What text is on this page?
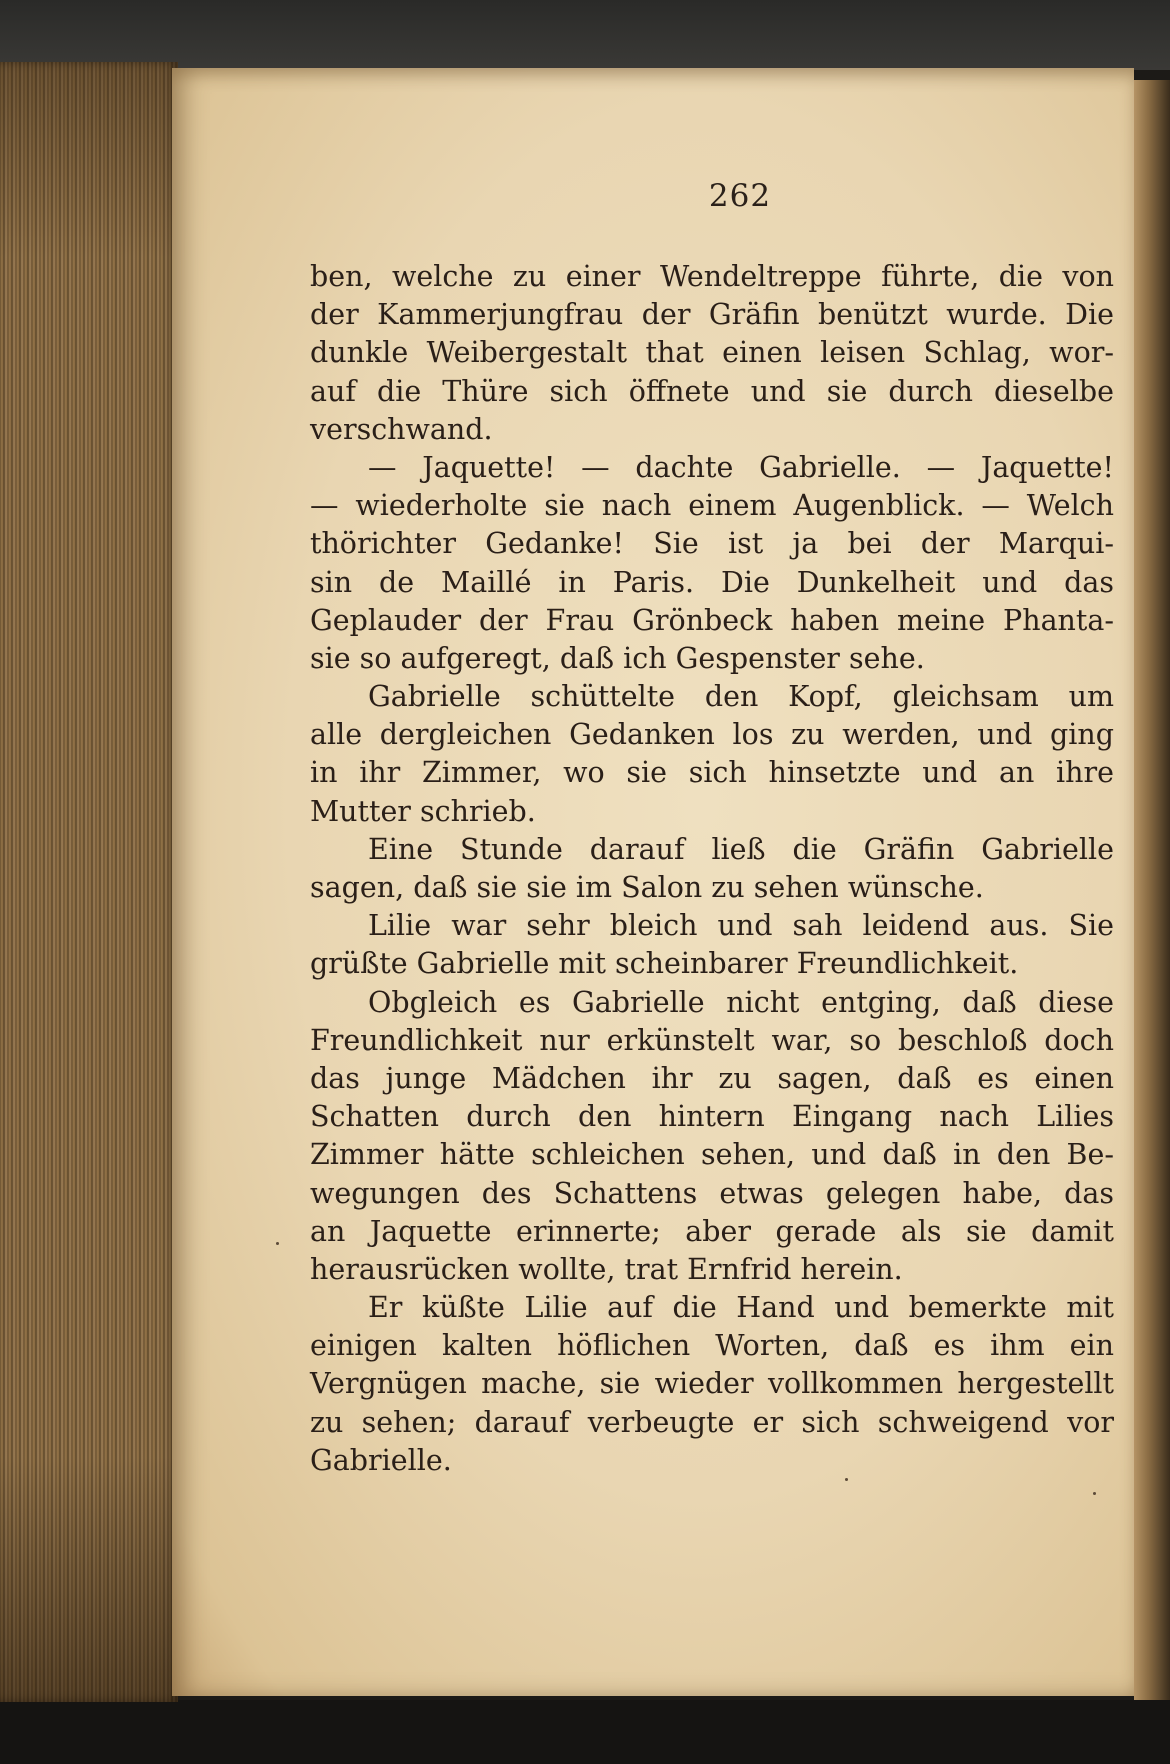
262
ben, welche zu einer Wendeltreppe führte, die von
der Kammerjungfrau der Gräfin benützt wurde. Die
dunkle Weibergestalt that einen leisen Schlag, wor-
auf die Thüre sich öffnete und sie durch dieselbe
verschwand.
— Jaquette! — dachte Gabrielle. — Jaquette!
— wiederholte sie nach einem Augenblick. — Welch
thörichter Gedanke! Sie ist ja bei der Marqui-
sin de Maillé in Paris. Die Dunkelheit und das
Geplauder der Frau Grönbeck haben meine Phanta-
sie so aufgeregt, daß ich Gespenster sehe.
Gabrielle schüttelte den Kopf, gleichsam um
alle dergleichen Gedanken los zu werden, und ging
in ihr Zimmer, wo sie sich hinsetzte und an ihre
Mutter schrieb.
Eine Stunde darauf ließ die Gräfin Gabrielle
sagen, daß sie sie im Salon zu sehen wünsche.
Lilie war sehr bleich und sah leidend aus. Sie
grüßte Gabrielle mit scheinbarer Freundlichkeit.
Obgleich es Gabrielle nicht entging, daß diese
Freundlichkeit nur erkünstelt war, so beschloß doch
das junge Mädchen ihr zu sagen, daß es einen
Schatten durch den hintern Eingang nach Lilies
Zimmer hätte schleichen sehen, und daß in den Be-
wegungen des Schattens etwas gelegen habe, das
an Jaquette erinnerte; aber gerade als sie damit
herausrücken wollte, trat Ernfrid herein.
Er küßte Lilie auf die Hand und bemerkte mit
einigen kalten höflichen Worten, daß es ihm ein
Vergnügen mache, sie wieder vollkommen hergestellt
zu sehen; darauf verbeugte er sich schweigend vor
Gabrielle.
